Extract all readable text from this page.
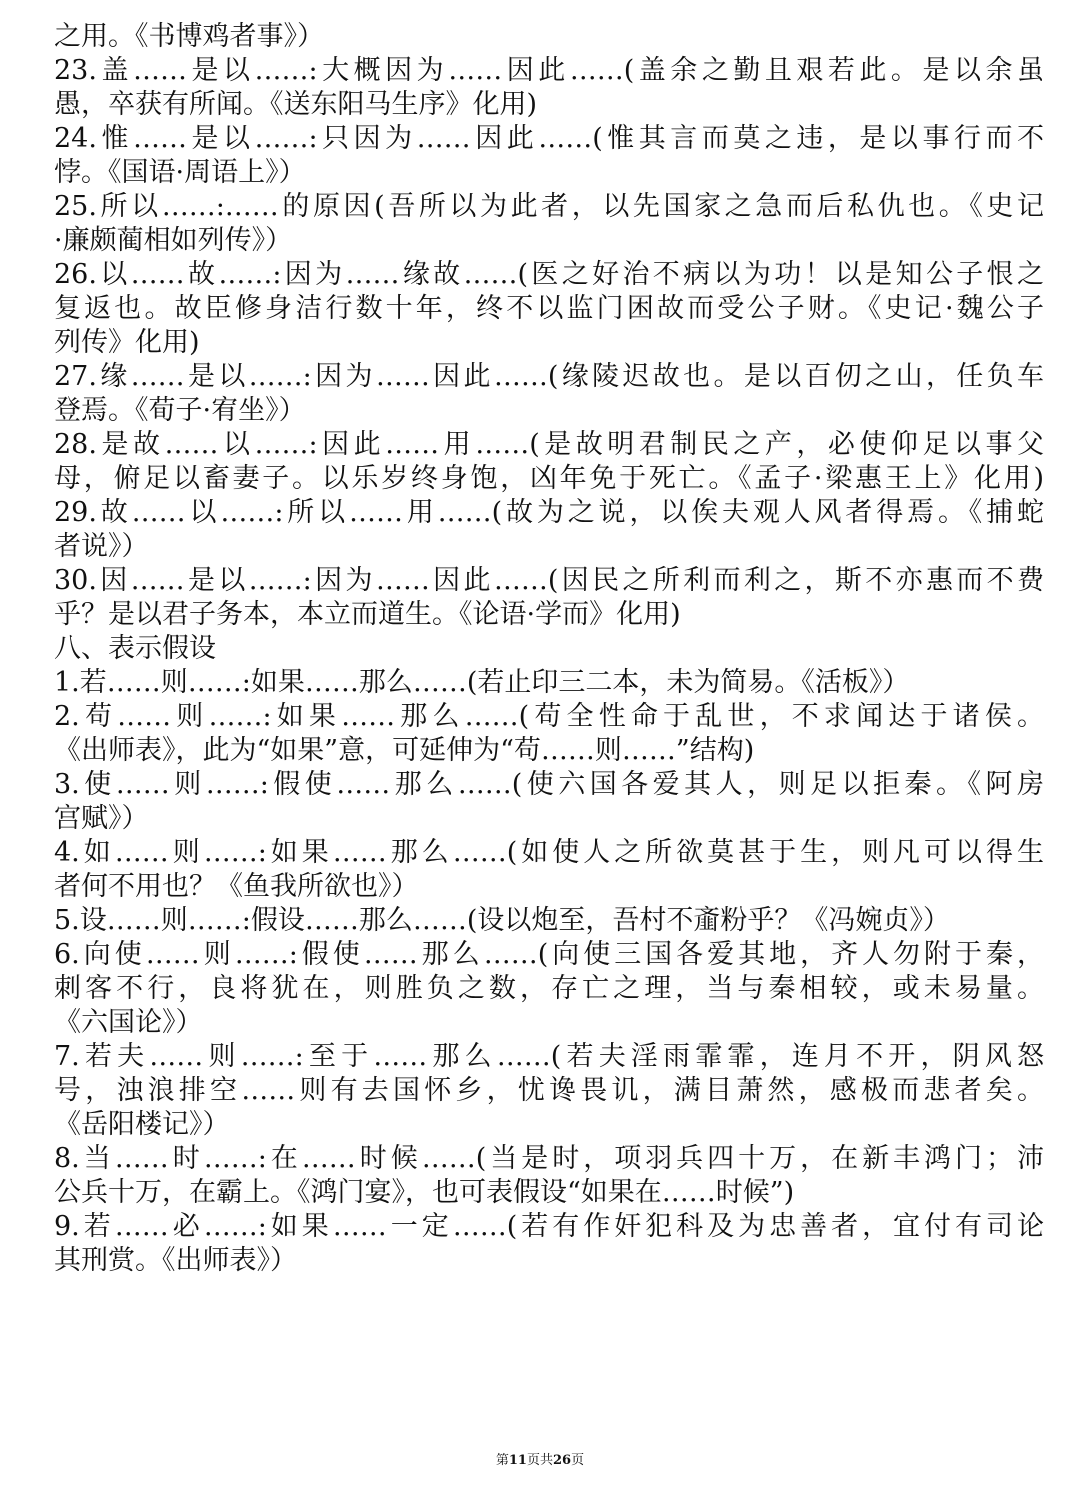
之用。《书博鸡者事》）
23.盖……是以……:大概因为……因此……(盖余之勤且艰若此。是以余虽
愚，卒获有所闻。《送东阳马生序》化用)
24.惟……是以……:只因为……因此……(惟其言而莫之违，是以事行而不
悖。《国语·周语上》）
25.所以……:……的原因(吾所以为此者，以先国家之急而后私仇也。《史记
·廉颇蔺相如列传》）
26.以……故……:因为……缘故……(医之好治不病以为功！以是知公子恨之
复返也。故臣修身洁行数十年，终不以监门困故而受公子财。《史记·魏公子
列传》化用)
27.缘……是以……:因为……因此……(缘陵迟故也。是以百仞之山，任负车
登焉。《荀子·宥坐》）
28.是故……以……:因此……用……(是故明君制民之产，必使仰足以事父
母，俯足以畜妻子。以乐岁终身饱，凶年免于死亡。《孟子·梁惠王上》化用)
29.故……以……:所以……用……(故为之说，以俟夫观人风者得焉。《捕蛇
者说》）
30.因……是以……:因为……因此……(因民之所利而利之，斯不亦惠而不费
乎？是以君子务本，本立而道生。《论语·学而》化用)
八、表示假设
1.若……则……:如果……那么……(若止印三二本，未为简易。《活板》）
2.苟……则……:如果……那么……(苟全性命于乱世，不求闻达于诸侯。
《出师表》，此为“如果”意，可延伸为“苟……则……”结构)
3.使……则……:假使……那么……(使六国各爱其人，则足以拒秦。《阿房
宫赋》）
4.如……则……:如果……那么……(如使人之所欲莫甚于生，则凡可以得生
者何不用也？《鱼我所欲也》）
5.设……则……:假设……那么……(设以炮至，吾村不齑粉乎？《冯婉贞》）
6.向使……则……:假使……那么……(向使三国各爱其地，齐人勿附于秦，
刺客不行，良将犹在，则胜负之数，存亡之理，当与秦相较，或未易量。
《六国论》）
7.若夫……则……:至于……那么……(若夫淫雨霏霏，连月不开，阴风怒
号，浊浪排空……则有去国怀乡，忧谗畏讥，满目萧然，感极而悲者矣。
《岳阳楼记》）
8.当……时……:在……时候……(当是时，项羽兵四十万，在新丰鸿门；沛
公兵十万，在霸上。《鸿门宴》，也可表假设“如果在……时候”)
9.若……必……:如果……一定……(若有作奸犯科及为忠善者，宜付有司论
其刑赏。《出师表》）
第11页共26页
